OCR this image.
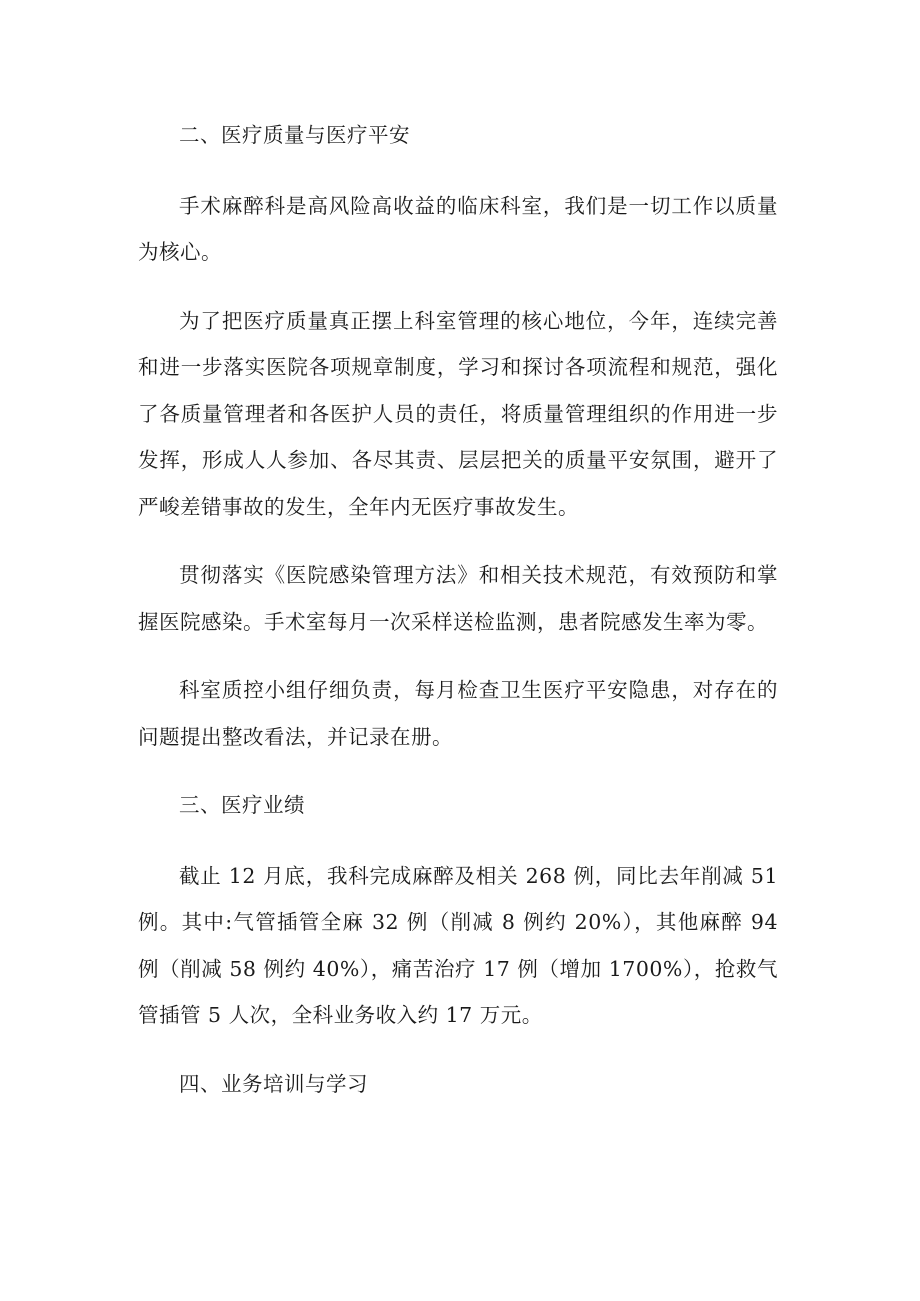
二、医疗质量与医疗平安

手术麻醉科是高风险高收益的临床科室，我们是一切工作以质量为核心。

为了把医疗质量真正摆上科室管理的核心地位，今年，连续完善和进一步落实医院各项规章制度，学习和探讨各项流程和规范，强化了各质量管理者和各医护人员的责任，将质量管理组织的作用进一步发挥，形成人人参加、各尽其责、层层把关的质量平安氛围，避开了严峻差错事故的发生，全年内无医疗事故发生。

贯彻落实《医院感染管理方法》和相关技术规范，有效预防和掌握医院感染。手术室每月一次采样送检监测，患者院感发生率为零。

科室质控小组仔细负责，每月检查卫生医疗平安隐患，对存在的问题提出整改看法，并记录在册。

三、医疗业绩

截止 12 月底，我科完成麻醉及相关 268 例，同比去年削减 51 例。其中:气管插管全麻 32 例（削减 8 例约 20%），其他麻醉 94 例（削减 58 例约 40%），痛苦治疗 17 例（增加 1700%），抢救气管插管 5 人次，全科业务收入约 17 万元。

四、业务培训与学习
